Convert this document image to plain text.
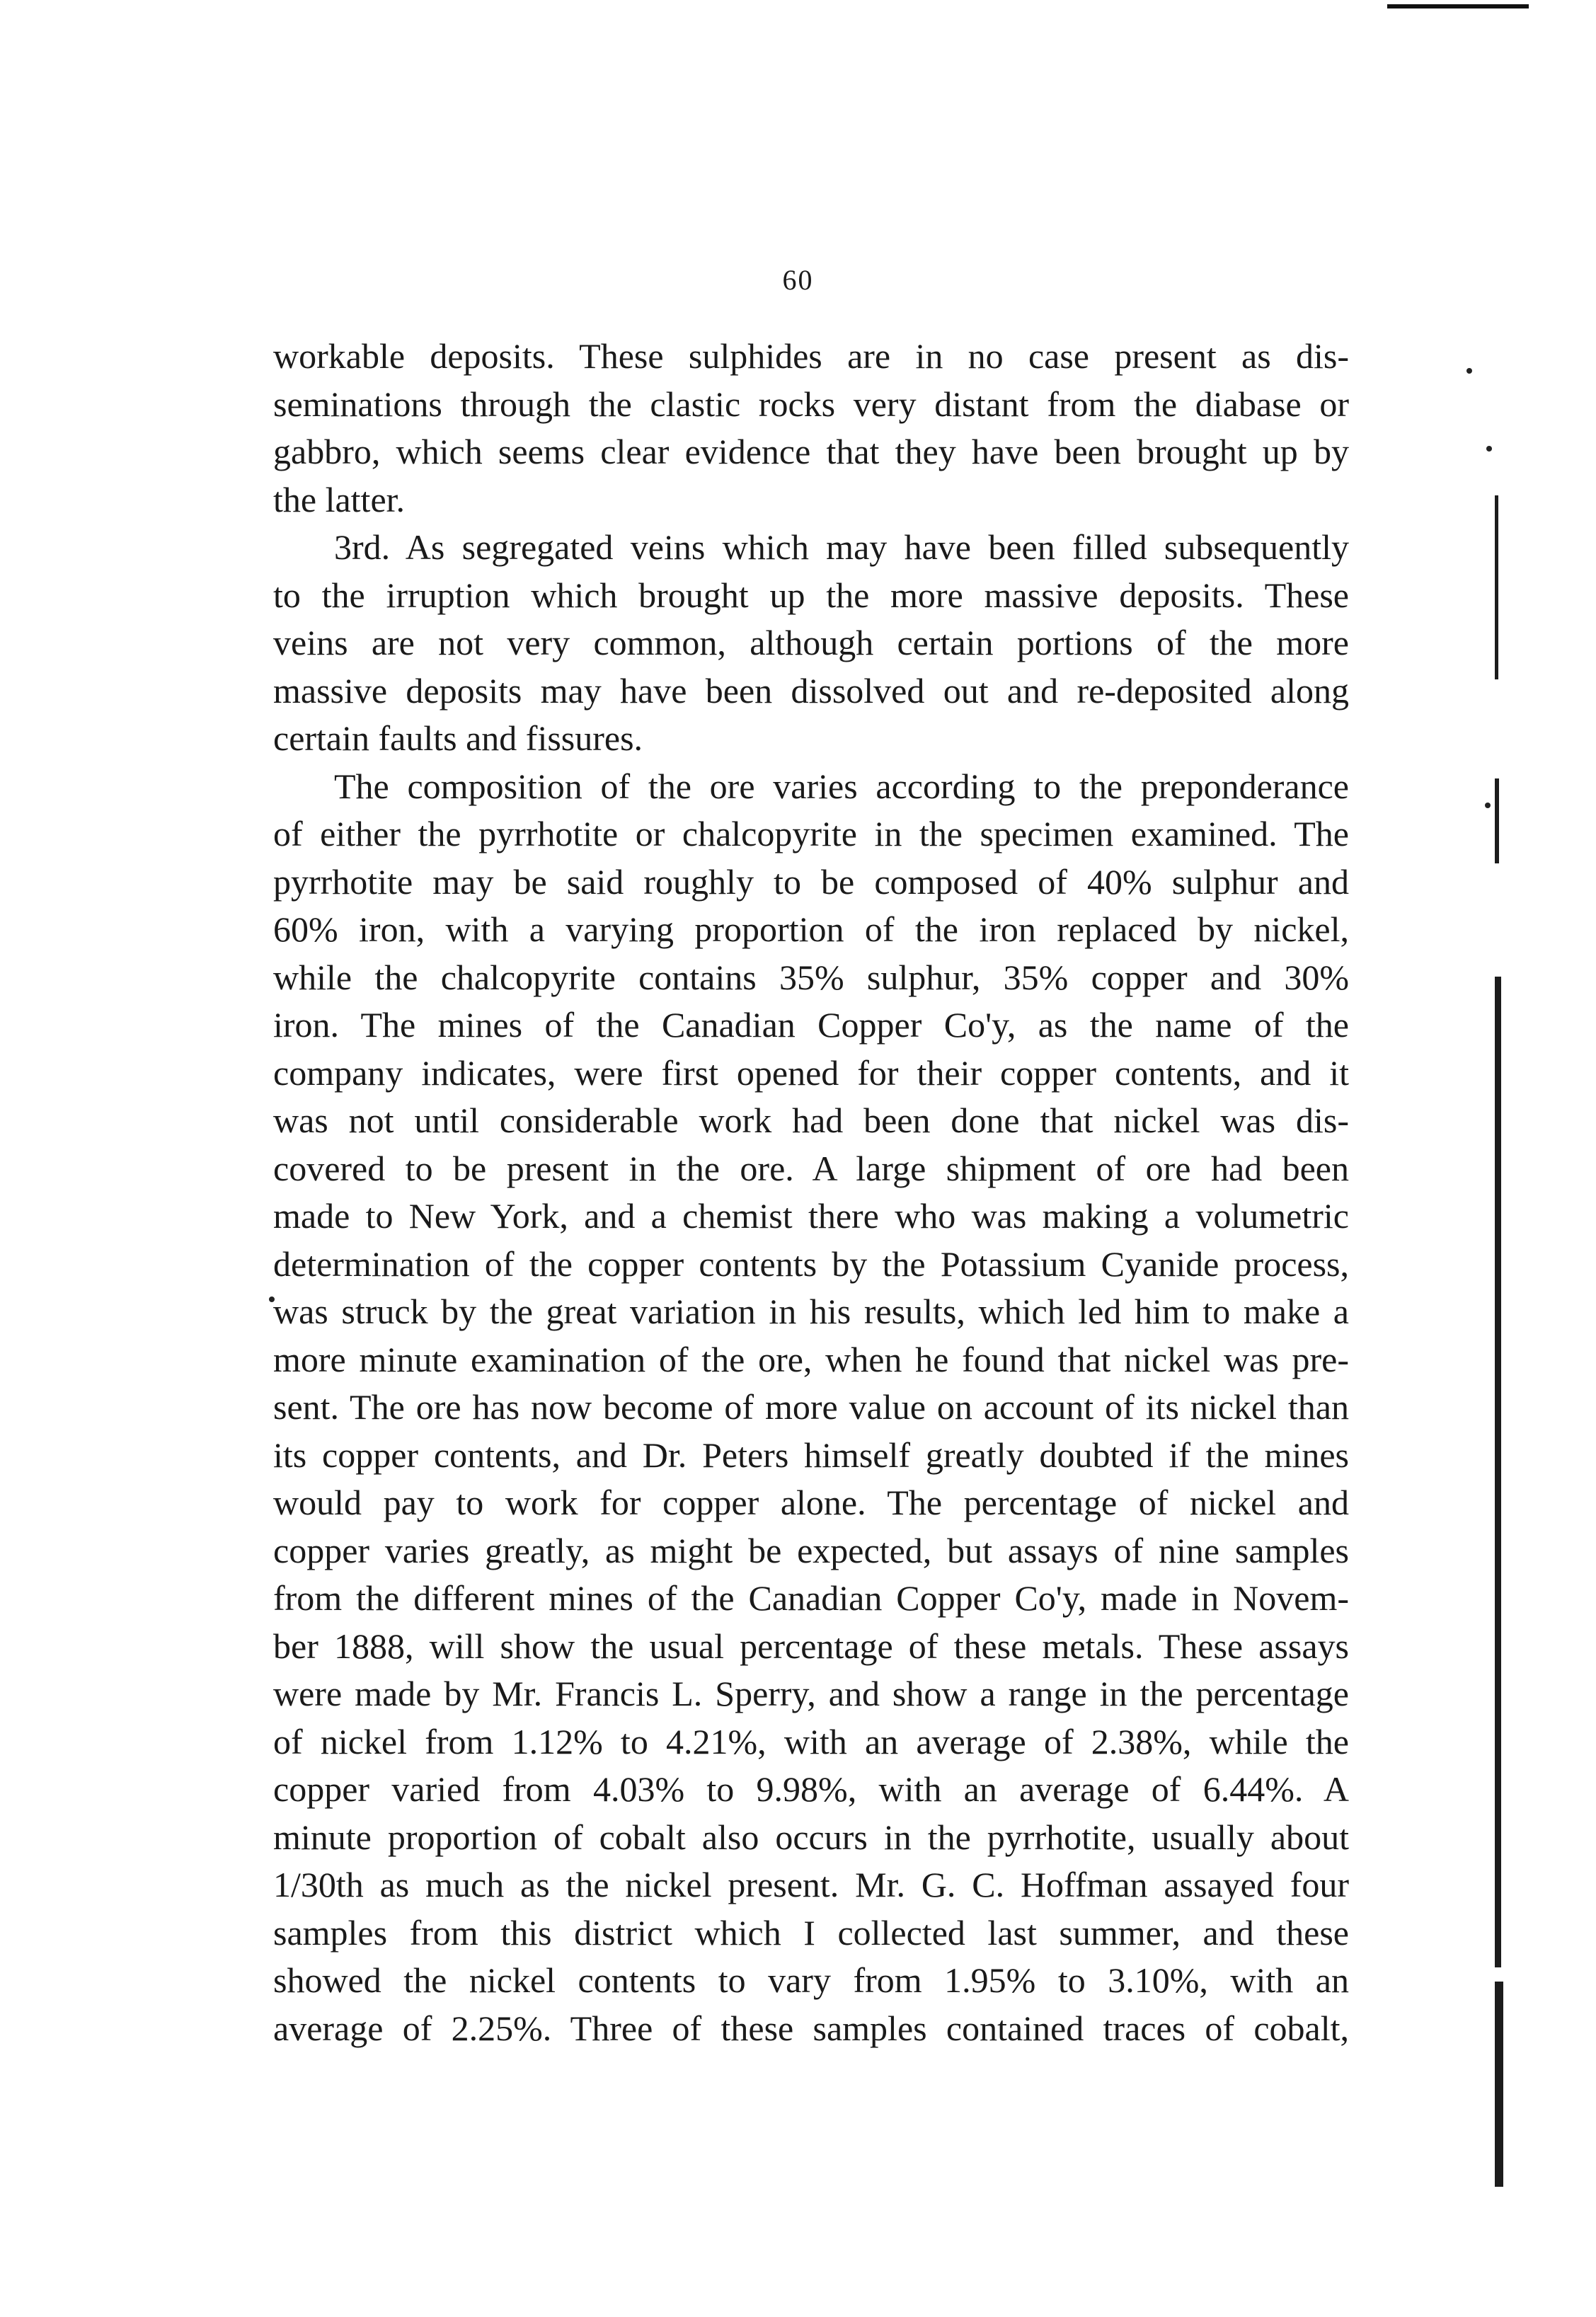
60
workable deposits. These sulphides are in no case present as dis-
seminations through the clastic rocks very distant from the diabase or
gabbro, which seems clear evidence that they have been brought up by
the latter.
3rd. As segregated veins which may have been filled subsequently
to the irruption which brought up the more massive deposits. These
veins are not very common, although certain portions of the more
massive deposits may have been dissolved out and re-deposited along
certain faults and fissures.
The composition of the ore varies according to the preponderance
of either the pyrrhotite or chalcopyrite in the specimen examined. The
pyrrhotite may be said roughly to be composed of 40% sulphur and
60% iron, with a varying proportion of the iron replaced by nickel,
while the chalcopyrite contains 35% sulphur, 35% copper and 30%
iron. The mines of the Canadian Copper Co'y, as the name of the
company indicates, were first opened for their copper contents, and it
was not until considerable work had been done that nickel was dis-
covered to be present in the ore. A large shipment of ore had been
made to New York, and a chemist there who was making a volumetric
determination of the copper contents by the Potassium Cyanide process,
was struck by the great variation in his results, which led him to make a
more minute examination of the ore, when he found that nickel was pre-
sent. The ore has now become of more value on account of its nickel than
its copper contents, and Dr. Peters himself greatly doubted if the mines
would pay to work for copper alone. The percentage of nickel and
copper varies greatly, as might be expected, but assays of nine samples
from the different mines of the Canadian Copper Co'y, made in Novem-
ber 1888, will show the usual percentage of these metals. These assays
were made by Mr. Francis L. Sperry, and show a range in the percentage
of nickel from 1.12% to 4.21%, with an average of 2.38%, while the
copper varied from 4.03% to 9.98%, with an average of 6.44%. A
minute proportion of cobalt also occurs in the pyrrhotite, usually about
1/30th as much as the nickel present. Mr. G. C. Hoffman assayed four
samples from this district which I collected last summer, and these
showed the nickel contents to vary from 1.95% to 3.10%, with an
average of 2.25%. Three of these samples contained traces of cobalt,
